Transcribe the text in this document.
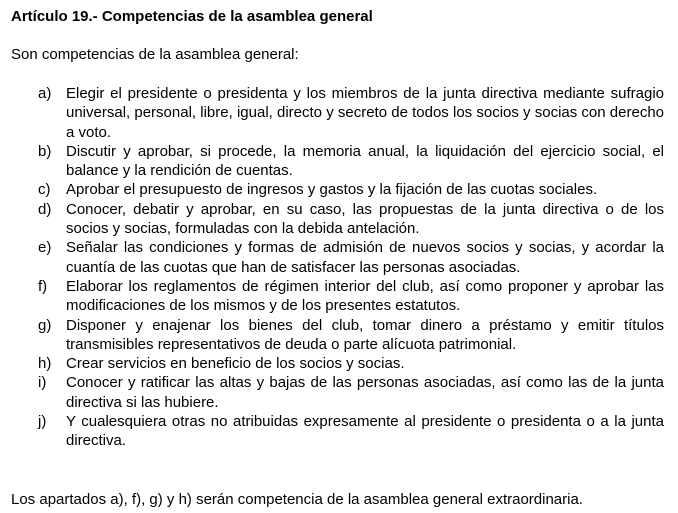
Artículo 19.- Competencias de la asamblea general
Son competencias de la asamblea general:
a) Elegir el presidente o presidenta y los miembros de la junta directiva mediante sufragio universal, personal, libre, igual, directo y secreto de todos los socios y socias con derecho a voto.
b) Discutir y aprobar, si procede, la memoria anual, la liquidación del ejercicio social, el balance y la rendición de cuentas.
c)	Aprobar el presupuesto de ingresos y gastos y la fijación de las cuotas sociales.
d) Conocer, debatir y aprobar, en su caso, las propuestas de la junta directiva o de los socios y socias, formuladas con la debida antelación.
e) Señalar las condiciones y formas de admisión de nuevos socios y socias, y acordar la cuantía de las cuotas que han de satisfacer las personas asociadas.
f)	Elaborar los reglamentos de régimen interior del club, así como proponer y aprobar las modificaciones de los mismos y de los presentes estatutos.
g) Disponer y enajenar los bienes del club, tomar dinero a préstamo y emitir títulos transmisibles representativos de deuda o parte alícuota patrimonial.
h) Crear servicios en beneficio de los socios y socias.
i)	Conocer y ratificar las altas y bajas de las personas asociadas, así como las de la junta directiva si las hubiere.
j)	Y cualesquiera otras no atribuidas expresamente al presidente o presidenta o a la junta directiva.
Los apartados a), f), g) y h) serán competencia de la asamblea general extraordinaria.
